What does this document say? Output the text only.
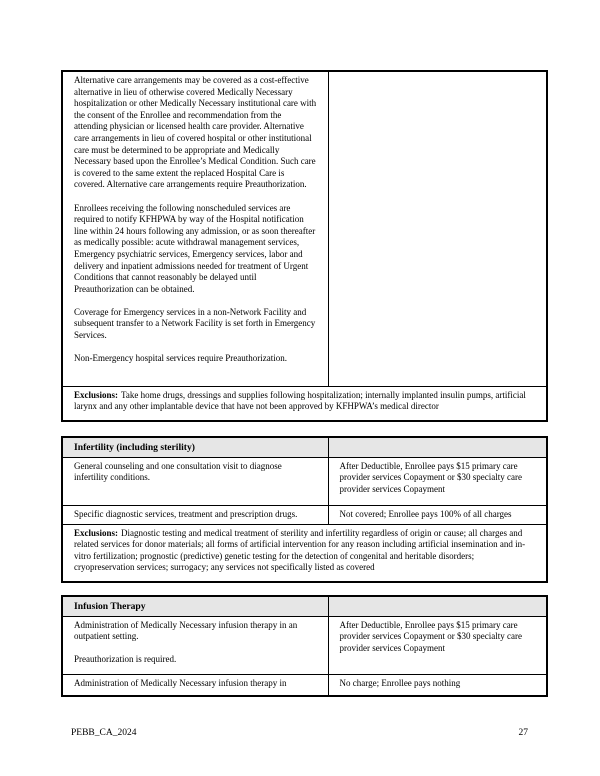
Alternative care arrangements may be covered as a cost-effective alternative in lieu of otherwise covered Medically Necessary hospitalization or other Medically Necessary institutional care with the consent of the Enrollee and recommendation from the attending physician or licensed health care provider. Alternative care arrangements in lieu of covered hospital or other institutional care must be determined to be appropriate and Medically Necessary based upon the Enrollee’s Medical Condition. Such care is covered to the same extent the replaced Hospital Care is covered. Alternative care arrangements require Preauthorization.

Enrollees receiving the following nonscheduled services are required to notify KFHPWA by way of the Hospital notification line within 24 hours following any admission, or as soon thereafter as medically possible: acute withdrawal management services, Emergency psychiatric services, Emergency services, labor and delivery and inpatient admissions needed for treatment of Urgent Conditions that cannot reasonably be delayed until Preauthorization can be obtained.

Coverage for Emergency services in a non-Network Facility and subsequent transfer to a Network Facility is set forth in Emergency Services.

Non-Emergency hospital services require Preauthorization.

Exclusions: Take home drugs, dressings and supplies following hospitalization; internally implanted insulin pumps, artificial larynx and any other implantable device that have not been approved by KFHPWA’s medical director
Infertility (including sterility)	
General counseling and one consultation visit to diagnose infertility conditions.	After Deductible, Enrollee pays $15 primary care provider services Copayment or $30 specialty care provider services Copayment
Specific diagnostic services, treatment and prescription drugs.	Not covered; Enrollee pays 100% of all charges
Exclusions: Diagnostic testing and medical treatment of sterility and infertility regardless of origin or cause; all charges and related services for donor materials; all forms of artificial intervention for any reason including artificial insemination and in-vitro fertilization; prognostic (predictive) genetic testing for the detection of congenital and heritable disorders; cryopreservation services; surrogacy; any services not specifically listed as covered	
Infusion Therapy	

Administration of Medically Necessary infusion therapy in an outpatient setting.

Preauthorization is required.	After Deductible, Enrollee pays $15 primary care provider services Copayment or $30 specialty care provider services Copayment
Administration of Medically Necessary infusion therapy in	No charge; Enrollee pays nothing
PEBB_CA_2024	27
